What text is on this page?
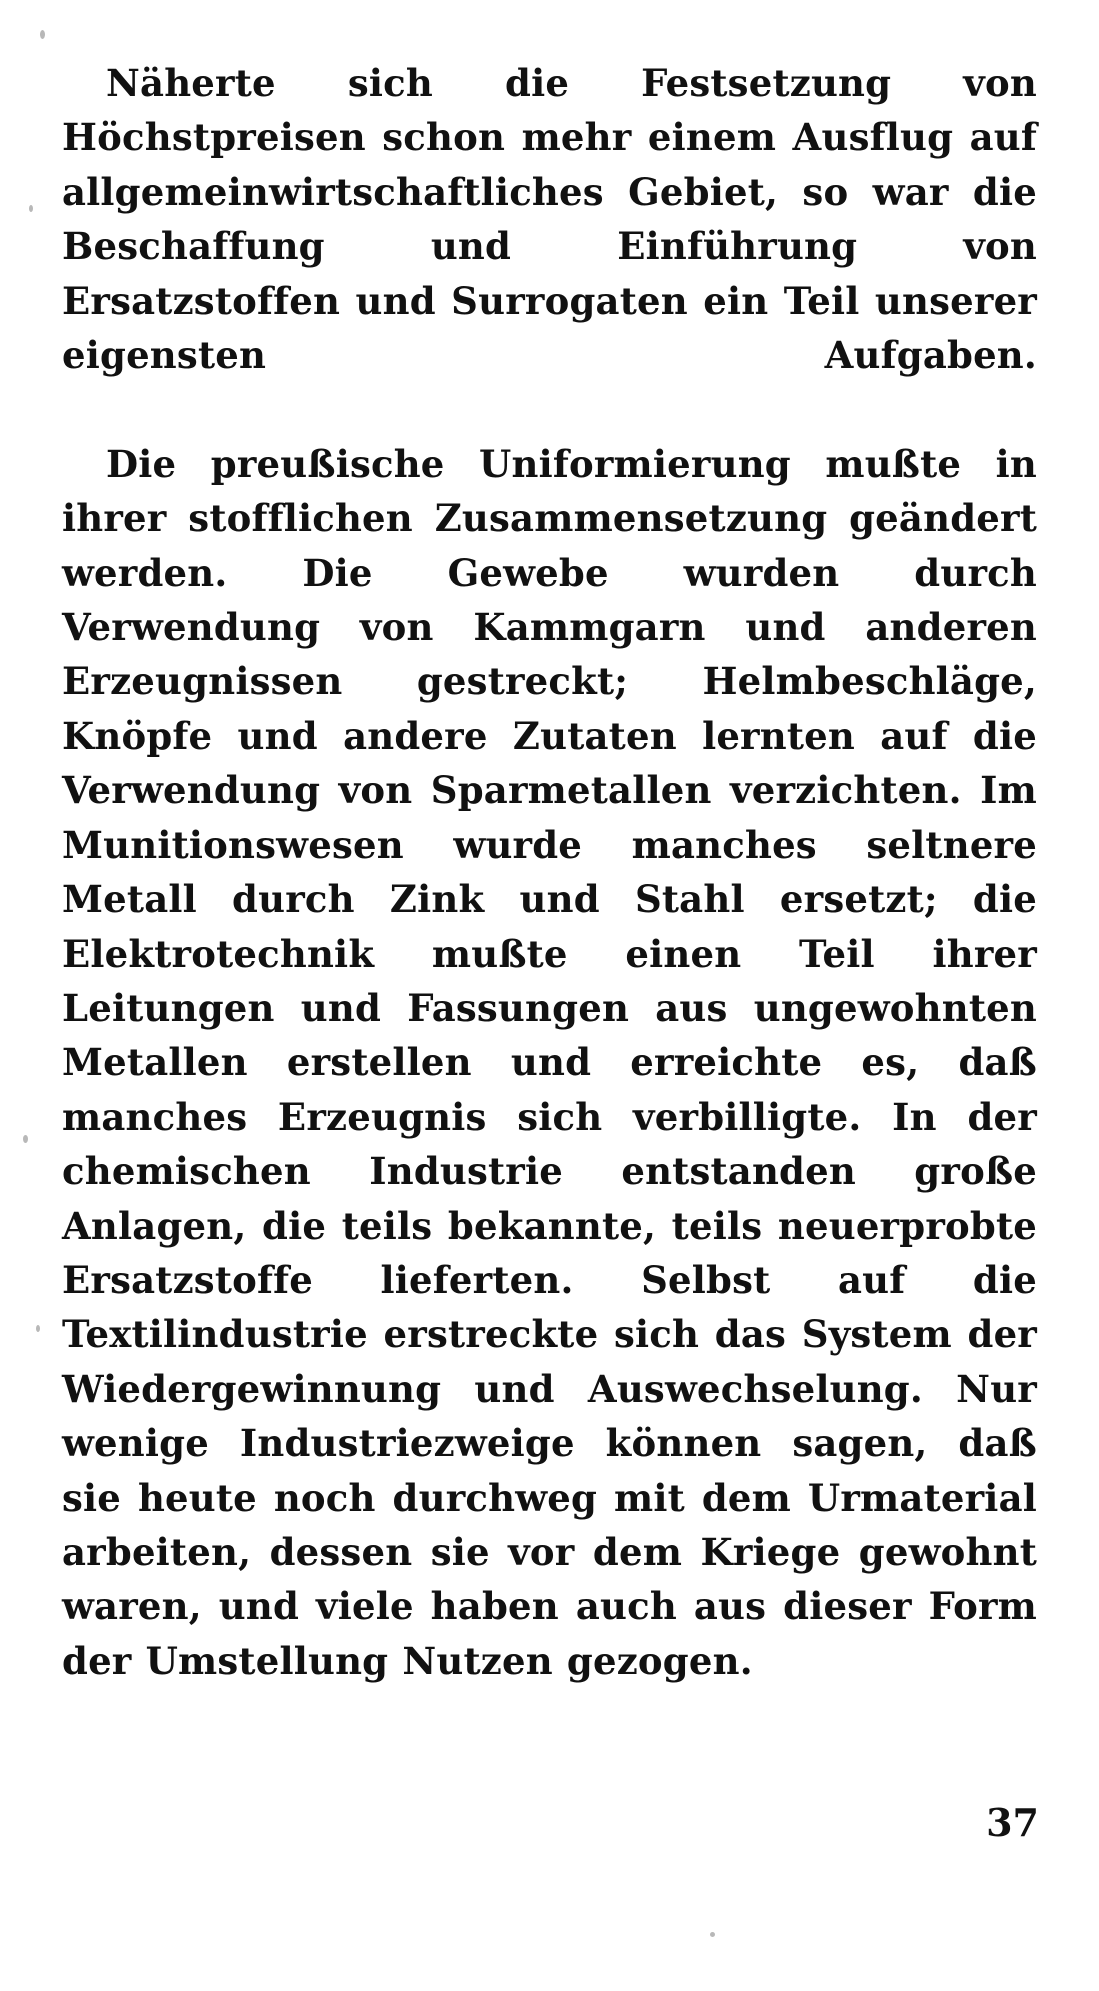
Näherte sich die Festsetzung von Höchstpreisen schon mehr einem Ausflug auf allgemeinwirtschaftliches Gebiet, so war die Beschaffung und Einführung von Ersatzstoffen und Surrogaten ein Teil unserer eigensten Aufgaben.

Die preußische Uniformierung mußte in ihrer stofflichen Zusammensetzung geändert werden. Die Gewebe wurden durch Verwendung von Kammgarn und anderen Erzeugnissen gestreckt; Helmbeschläge, Knöpfe und andere Zutaten lernten auf die Verwendung von Sparmetallen verzichten. Im Munitionswesen wurde manches seltnere Metall durch Zink und Stahl ersetzt; die Elektrotechnik mußte einen Teil ihrer Leitungen und Fassungen aus ungewohnten Metallen erstellen und erreichte es, daß manches Erzeugnis sich verbilligte. In der chemischen Industrie entstanden große Anlagen, die teils bekannte, teils neuerprobte Ersatzstoffe lieferten. Selbst auf die Textilindustrie erstreckte sich das System der Wiedergewinnung und Auswechselung. Nur wenige Industriezweige können sagen, daß sie heute noch durchweg mit dem Urmaterial arbeiten, dessen sie vor dem Kriege gewohnt waren, und viele haben auch aus dieser Form der Umstellung Nutzen gezogen.

37
